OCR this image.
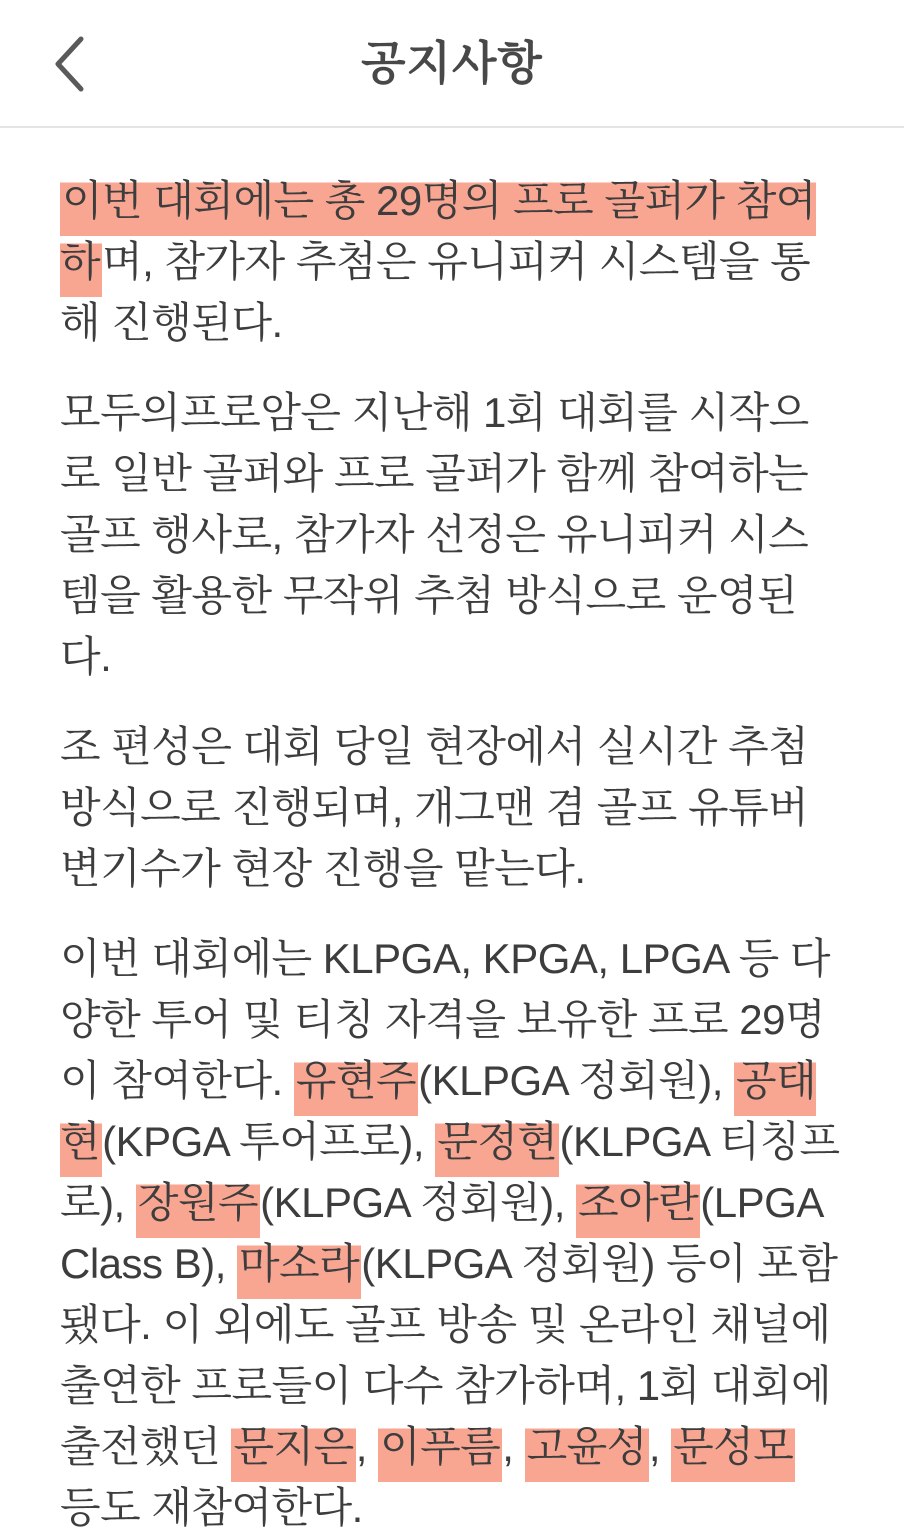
공지사항

이번 대회에는 총 29명의 프로 골퍼가 참여하며, 참가자 추첨은 유니피커 시스템을 통해 진행된다.

모두의프로암은 지난해 1회 대회를 시작으로 일반 골퍼와 프로 골퍼가 함께 참여하는 골프 행사로, 참가자 선정은 유니피커 시스템을 활용한 무작위 추첨 방식으로 운영된다.

조 편성은 대회 당일 현장에서 실시간 추첨 방식으로 진행되며, 개그맨 겸 골프 유튜버 변기수가 현장 진행을 맡는다.

이번 대회에는 KLPGA, KPGA, LPGA 등 다양한 투어 및 티칭 자격을 보유한 프로 29명이 참여한다. 유현주(KLPGA 정회원), 공태현(KPGA 투어프로), 문정현(KLPGA 티칭프로), 장원주(KLPGA 정회원), 조아란(LPGA Class B), 마소라(KLPGA 정회원) 등이 포함됐다. 이 외에도 골프 방송 및 온라인 채널에 출연한 프로들이 다수 참가하며, 1회 대회에 출전했던 문지은, 이푸름, 고윤성, 문성모 등도 재참여한다.
